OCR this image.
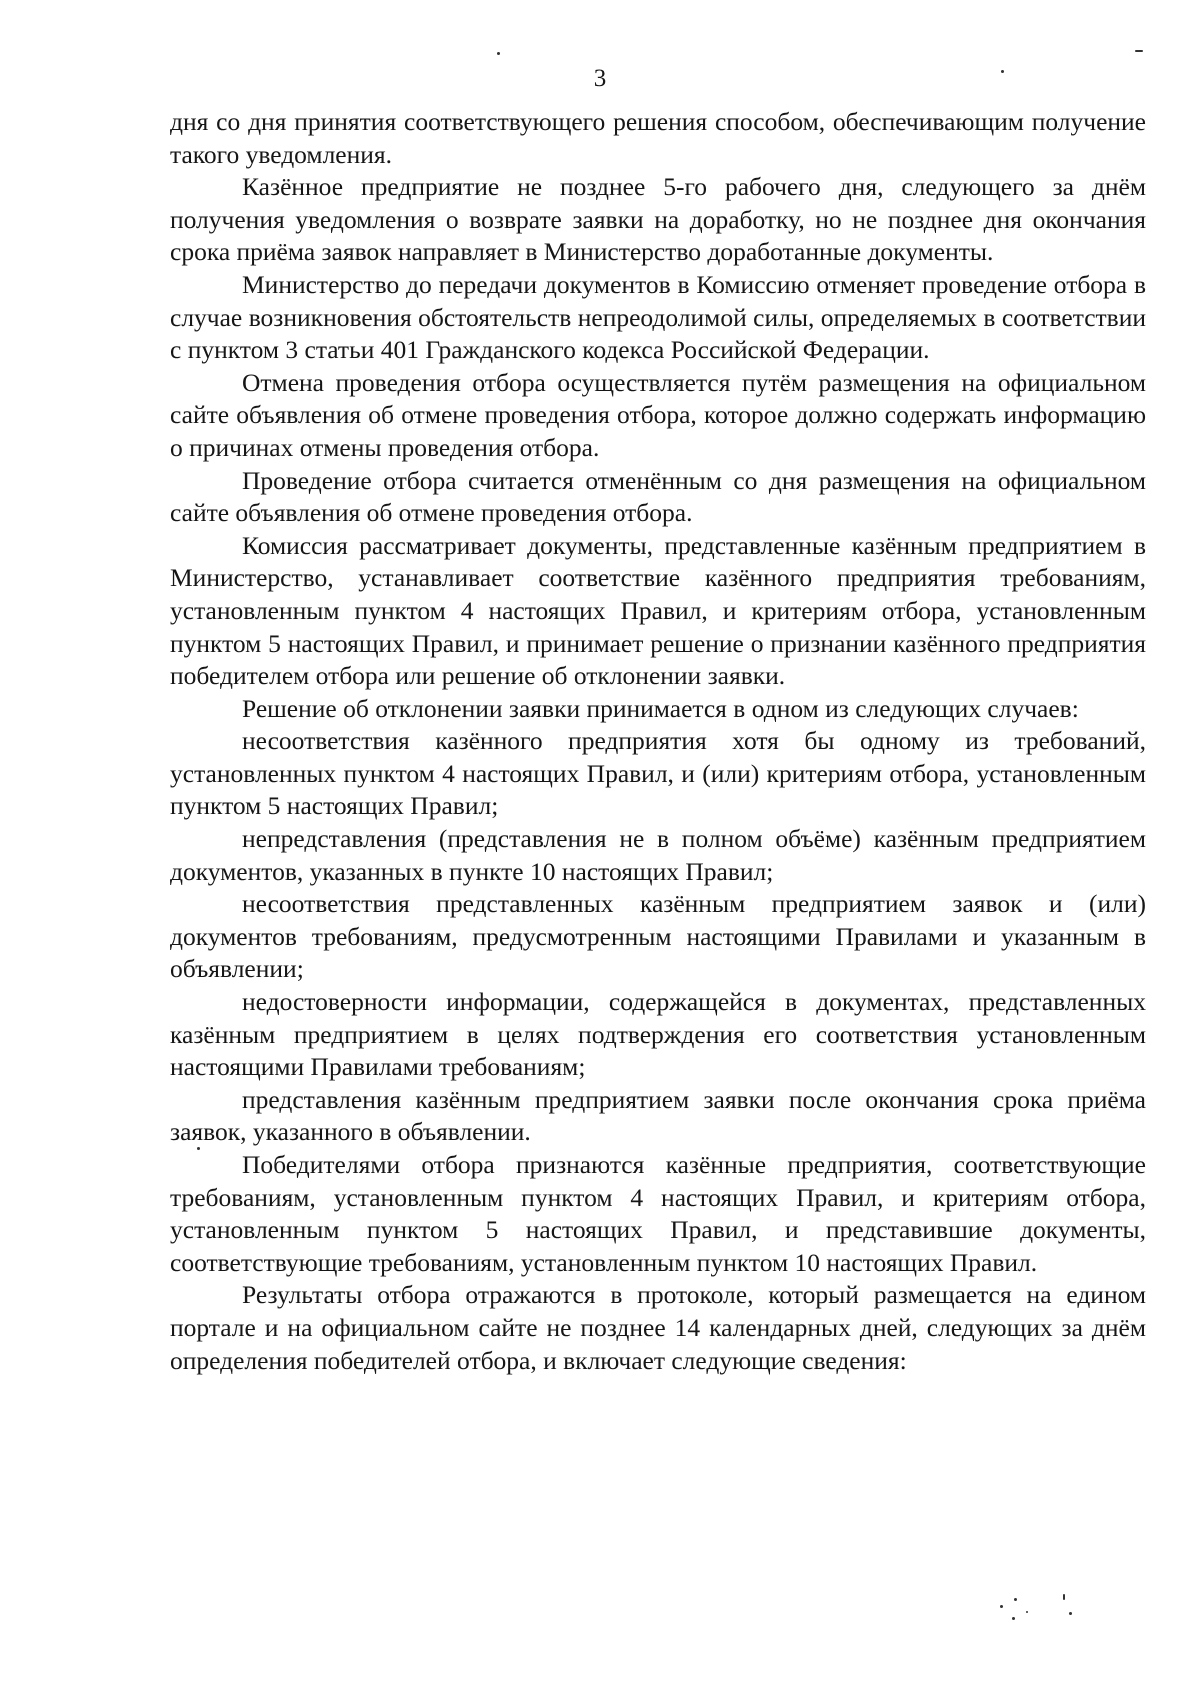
3

дня со дня принятия соответствующего решения способом, обеспечивающим получение такого уведомления.

Казённое предприятие не позднее 5-го рабочего дня, следующего за днём получения уведомления о возврате заявки на доработку, но не позднее дня окончания срока приёма заявок направляет в Министерство доработанные документы.

Министерство до передачи документов в Комиссию отменяет проведение отбора в случае возникновения обстоятельств непреодолимой силы, определяемых в соответствии с пунктом 3 статьи 401 Гражданского кодекса Российской Федерации.

Отмена проведения отбора осуществляется путём размещения на официальном сайте объявления об отмене проведения отбора, которое должно содержать информацию о причинах отмены проведения отбора.

Проведение отбора считается отменённым со дня размещения на официальном сайте объявления об отмене проведения отбора.

Комиссия рассматривает документы, представленные казённым предприятием в Министерство, устанавливает соответствие казённого предприятия требованиям, установленным пунктом 4 настоящих Правил, и критериям отбора, установленным пунктом 5 настоящих Правил, и принимает решение о признании казённого предприятия победителем отбора или решение об отклонении заявки.

Решение об отклонении заявки принимается в одном из следующих случаев:

несоответствия казённого предприятия хотя бы одному из требований, установленных пунктом 4 настоящих Правил, и (или) критериям отбора, установленным пунктом 5 настоящих Правил;

непредставления (представления не в полном объёме) казённым предприятием документов, указанных в пункте 10 настоящих Правил;

несоответствия представленных казённым предприятием заявок и (или) документов требованиям, предусмотренным настоящими Правилами и указанным в объявлении;

недостоверности информации, содержащейся в документах, представленных казённым предприятием в целях подтверждения его соответствия установленным настоящими Правилами требованиям;

представления казённым предприятием заявки после окончания срока приёма заявок, указанного в объявлении.

Победителями отбора признаются казённые предприятия, соответствующие требованиям, установленным пунктом 4 настоящих Правил, и критериям отбора, установленным пунктом 5 настоящих Правил, и представившие документы, соответствующие требованиям, установленным пунктом 10 настоящих Правил.

Результаты отбора отражаются в протоколе, который размещается на едином портале и на официальном сайте не позднее 14 календарных дней, следующих за днём определения победителей отбора, и включает следующие сведения:
